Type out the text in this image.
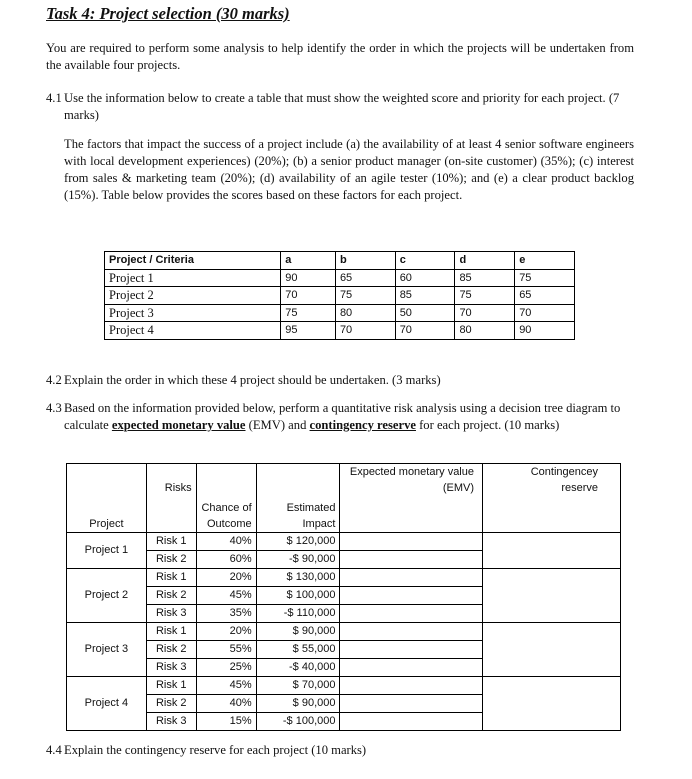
Task 4: Project selection (30 marks)
You are required to perform some analysis to help identify the order in which the projects will be undertaken from the available four projects.
4.1 Use the information below to create a table that must show the weighted score and priority for each project. (7 marks)
The factors that impact the success of a project include (a) the availability of at least 4 senior software engineers with local development experiences) (20%); (b) a senior product manager (on-site customer) (35%); (c) interest from sales & marketing team (20%); (d) availability of an agile tester (10%); and (e) a clear product backlog (15%). Table below provides the scores based on these factors for each project.
Project / Criteria	a	b	c	d	e
Project 1	90	65	60	85	75
Project 2	70	75	85	75	65
Project 3	75	80	50	70	70
Project 4	95	70	70	80	90
4.2 Explain the order in which these 4 project should be undertaken. (3 marks)
4.3 Based on the information provided below, perform a quantitative risk analysis using a decision tree diagram to calculate expected monetary value (EMV) and contingency reserve for each project. (10 marks)
Project	Risks	Chance of Outcome	Estimated Impact	Expected monetary value (EMV)	Contingencey reserve
Project 1	Risk 1	40%	$ 120,000		
	Risk 2	60%	-$ 90,000		
Project 2	Risk 1	20%	$ 130,000		
	Risk 2	45%	$ 100,000		
	Risk 3	35%	-$ 110,000		
Project 3	Risk 1	20%	$ 90,000		
	Risk 2	55%	$ 55,000		
	Risk 3	25%	-$ 40,000		
Project 4	Risk 1	45%	$ 70,000		
	Risk 2	40%	$ 90,000		
	Risk 3	15%	-$ 100,000		
4.4 Explain the contingency reserve for each project (10 marks)
